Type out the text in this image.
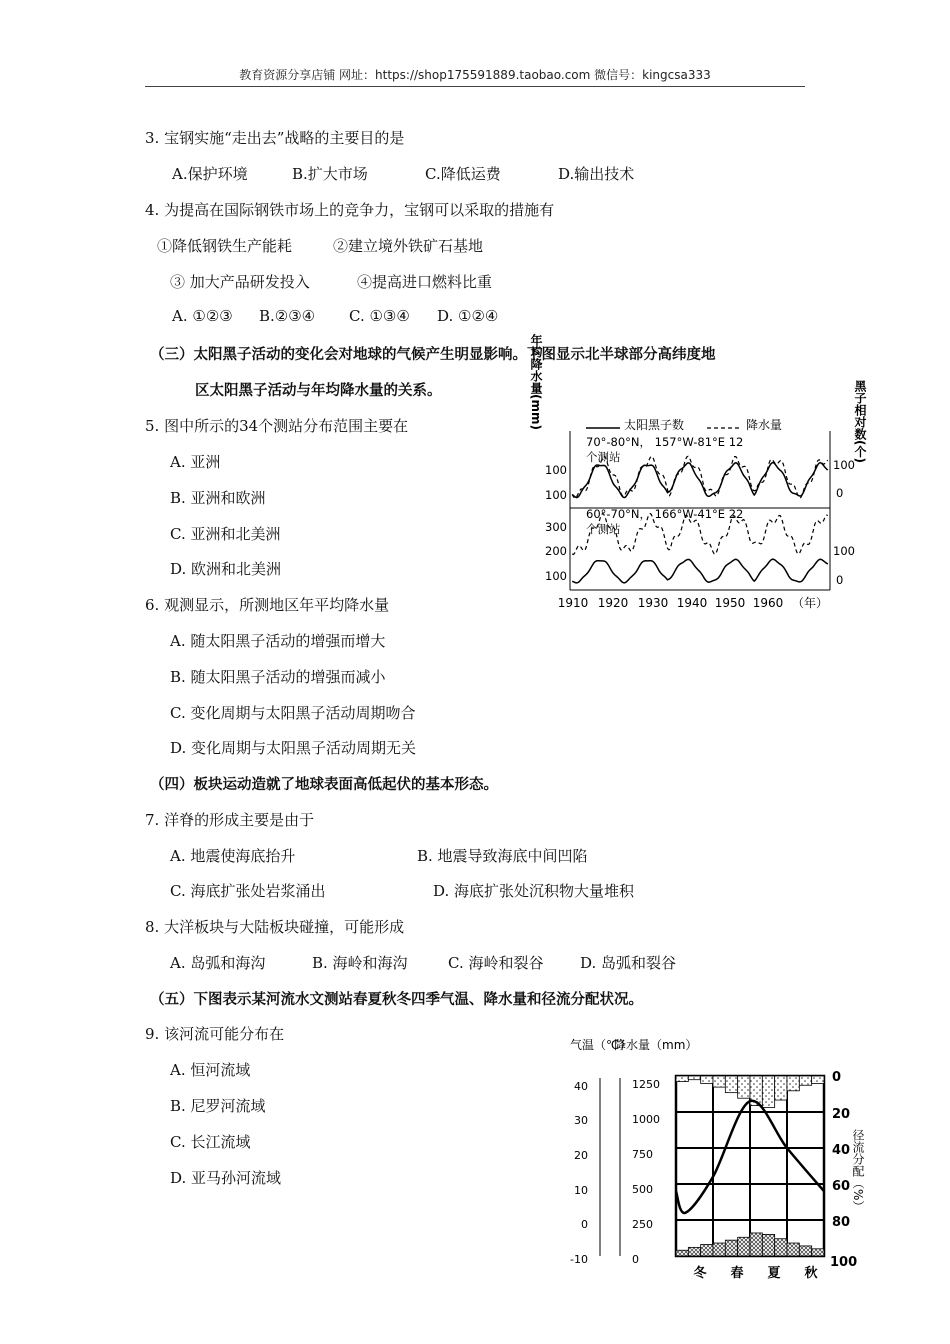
教育资源分享店铺 网址：https://shop175591889.taobao.com 微信号：kingcsa333
3. 宝钢实施“走出去”战略的主要目的是
A.保护环境	B.扩大市场	C.降低运费	D.输出技术
4. 为提高在国际钢铁市场上的竞争力，宝钢可以采取的措施有
①降低钢铁生产能耗	②建立境外铁矿石基地
③ 加大产品研发投入	④提高进口燃料比重
A. ①②③ B.②③④ C. ①③④ D. ①②④
（三）太阳黑子活动的变化会对地球的气候产生明显影响。下图显示北半球部分高纬度地
区太阳黑子活动与年均降水量的关系。
5. 图中所示的34个测站分布范围主要在
A. 亚洲
B. 亚洲和欧洲
C. 亚洲和北美洲
D. 欧洲和北美洲
6. 观测显示，所测地区年平均降水量
A. 随太阳黑子活动的增强而增大
B. 随太阳黑子活动的增强而减小
C. 变化周期与太阳黑子活动周期吻合
D. 变化周期与太阳黑子活动周期无关
（四）板块运动造就了地球表面高低起伏的基本形态。
7. 洋脊的形成主要是由于
A. 地震使海底抬升	B. 地震导致海底中间凹陷
C. 海底扩张处岩浆涌出	D. 海底扩张处沉积物大量堆积
8. 大洋板块与大陆板块碰撞，可能形成
A. 岛弧和海沟	B. 海岭和海沟	C. 海岭和裂谷 D. 岛弧和裂谷
（五）下图表示某河流水文测站春夏秋冬四季气温、降水量和径流分配状况。
9. 该河流可能分布在
A. 恒河流域
B. 尼罗河流域
C. 长江流域
D. 亚马孙河流域
年均降水量(mm)	黑子相对数(个)
太阳黑子数	降水量
70°-80°N， 157°W-81°E 12
个测站
60°-70°N， 166°W-41°E 22
个测站
100
100
300
200
100
100
0
100
0
1910 1920 1930 1940 1950 1960 （年）
气温（℃）
降水量（mm）
40
30
20
10
0
-10
1250
1000
750
500
250
0
0
20
40
60
80
100
径流分配（%）
冬 春 夏 秋
